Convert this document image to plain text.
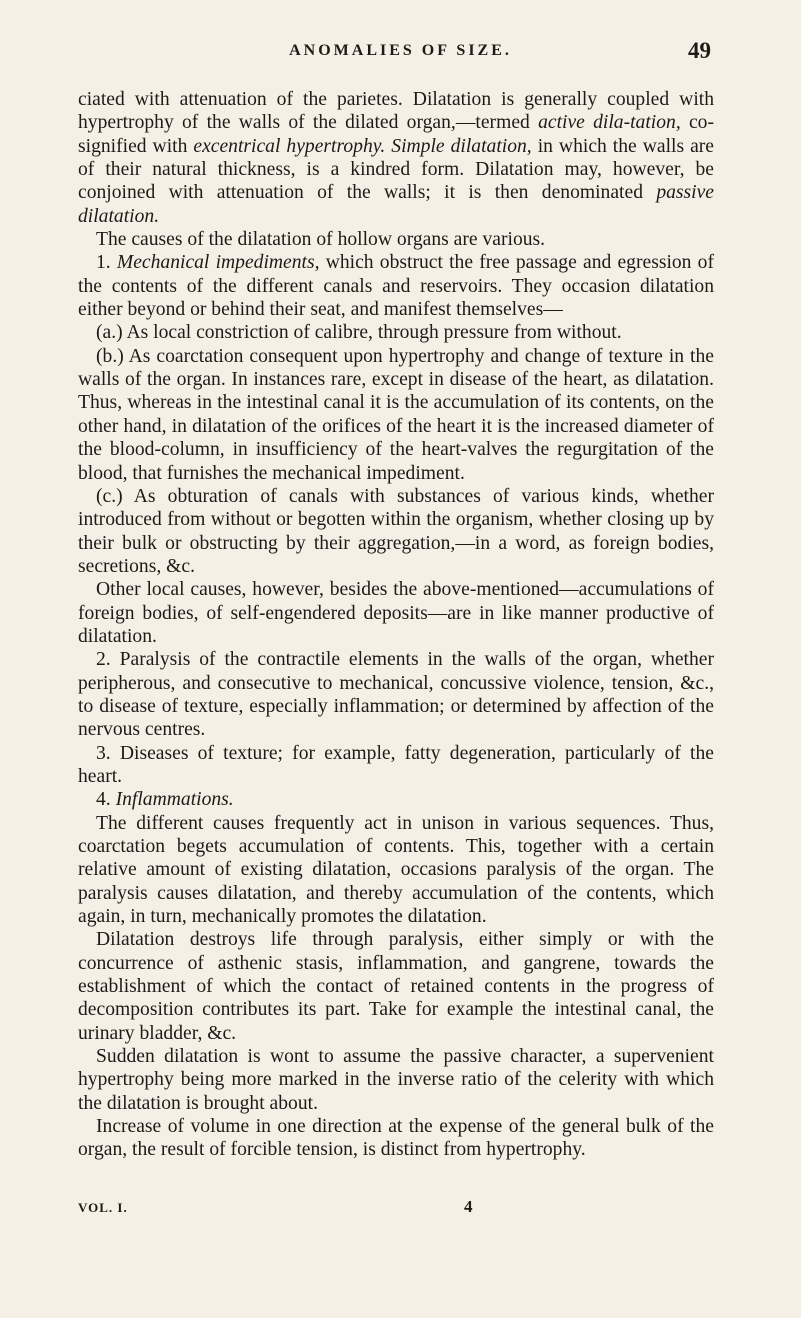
ANOMALIES OF SIZE.	49

ciated with attenuation of the parietes. Dilatation is generally coupled with hypertrophy of the walls of the dilated organ,—termed active dila-tation, co-signified with excentrical hypertrophy. Simple dilatation, in which the walls are of their natural thickness, is a kindred form. Dilatation may, however, be conjoined with attenuation of the walls; it is then denominated passive dilatation.

The causes of the dilatation of hollow organs are various.

1. Mechanical impediments, which obstruct the free passage and egression of the contents of the different canals and reservoirs. They occasion dilatation either beyond or behind their seat, and manifest themselves—

(a.) As local constriction of calibre, through pressure from without.

(b.) As coarctation consequent upon hypertrophy and change of texture in the walls of the organ. In instances rare, except in disease of the heart, as dilatation. Thus, whereas in the intestinal canal it is the accumulation of its contents, on the other hand, in dilatation of the orifices of the heart it is the increased diameter of the blood-column, in insufficiency of the heart-valves the regurgitation of the blood, that furnishes the mechanical impediment.

(c.) As obturation of canals with substances of various kinds, whether introduced from without or begotten within the organism, whether closing up by their bulk or obstructing by their aggregation,—in a word, as foreign bodies, secretions, &c.

Other local causes, however, besides the above-mentioned—accumulations of foreign bodies, of self-engendered deposits—are in like manner productive of dilatation.

2. Paralysis of the contractile elements in the walls of the organ, whether peripherous, and consecutive to mechanical, concussive violence, tension, &c., to disease of texture, especially inflammation; or determined by affection of the nervous centres.

3. Diseases of texture; for example, fatty degeneration, particularly of the heart.

4. Inflammations.

The different causes frequently act in unison in various sequences. Thus, coarctation begets accumulation of contents. This, together with a certain relative amount of existing dilatation, occasions paralysis of the organ. The paralysis causes dilatation, and thereby accumulation of the contents, which again, in turn, mechanically promotes the dilatation.

Dilatation destroys life through paralysis, either simply or with the concurrence of asthenic stasis, inflammation, and gangrene, towards the establishment of which the contact of retained contents in the progress of decomposition contributes its part. Take for example the intestinal canal, the urinary bladder, &c.

Sudden dilatation is wont to assume the passive character, a supervenient hypertrophy being more marked in the inverse ratio of the celerity with which the dilatation is brought about.

Increase of volume in one direction at the expense of the general bulk of the organ, the result of forcible tension, is distinct from hypertrophy.

VOL. I.	4
